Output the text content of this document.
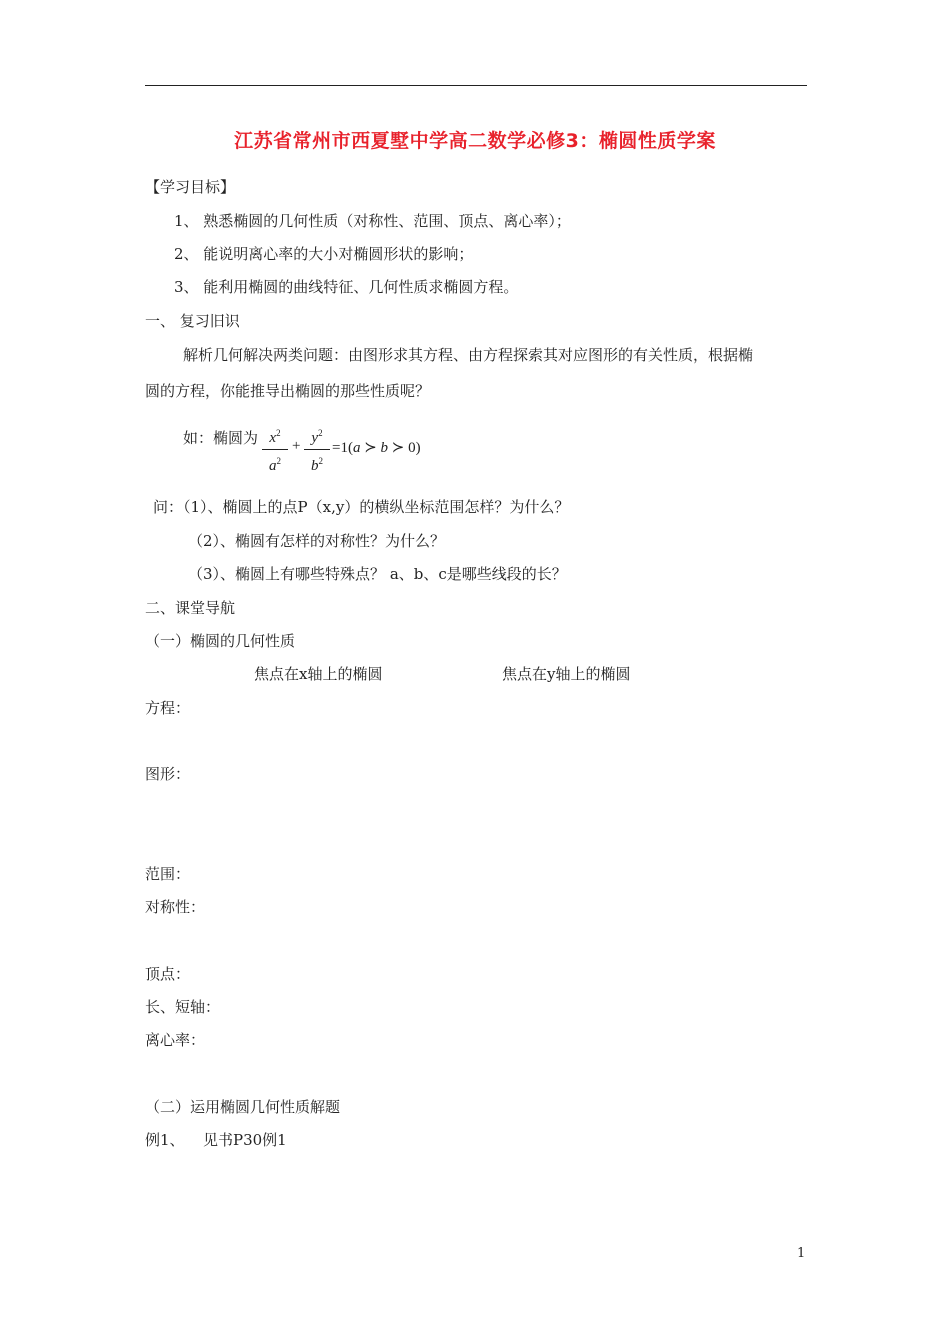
江苏省常州市西夏墅中学高二数学必修3：椭圆性质学案
【学习目标】
1、 熟悉椭圆的几何性质（对称性、范围、顶点、离心率）；
2、 能说明离心率的大小对椭圆形状的影响；
3、 能利用椭圆的曲线特征、几何性质求椭圆方程。
一、 复习旧识
解析几何解决两类问题：由图形求其方程、由方程探索其对应图形的有关性质，根据椭
圆的方程，你能推导出椭圆的那些性质呢？
如：椭圆为 $x^2$
$a^2$
+ $y^2$
$b^2$
=1(a ≻ b ≻ 0)
问：（1）、椭圆上的点P（x,y）的横纵坐标范围怎样？为什么？
（2）、椭圆有怎样的对称性？为什么？
（3）、椭圆上有哪些特殊点？ a、b、c是哪些线段的长？
二、课堂导航
（一）椭圆的几何性质
焦点在x轴上的椭圆	焦点在y轴上的椭圆
方程：
图形：
范围：
对称性：
顶点：
长、短轴：
离心率：
（二）运用椭圆几何性质解题
例1、 见书P30例1
1
